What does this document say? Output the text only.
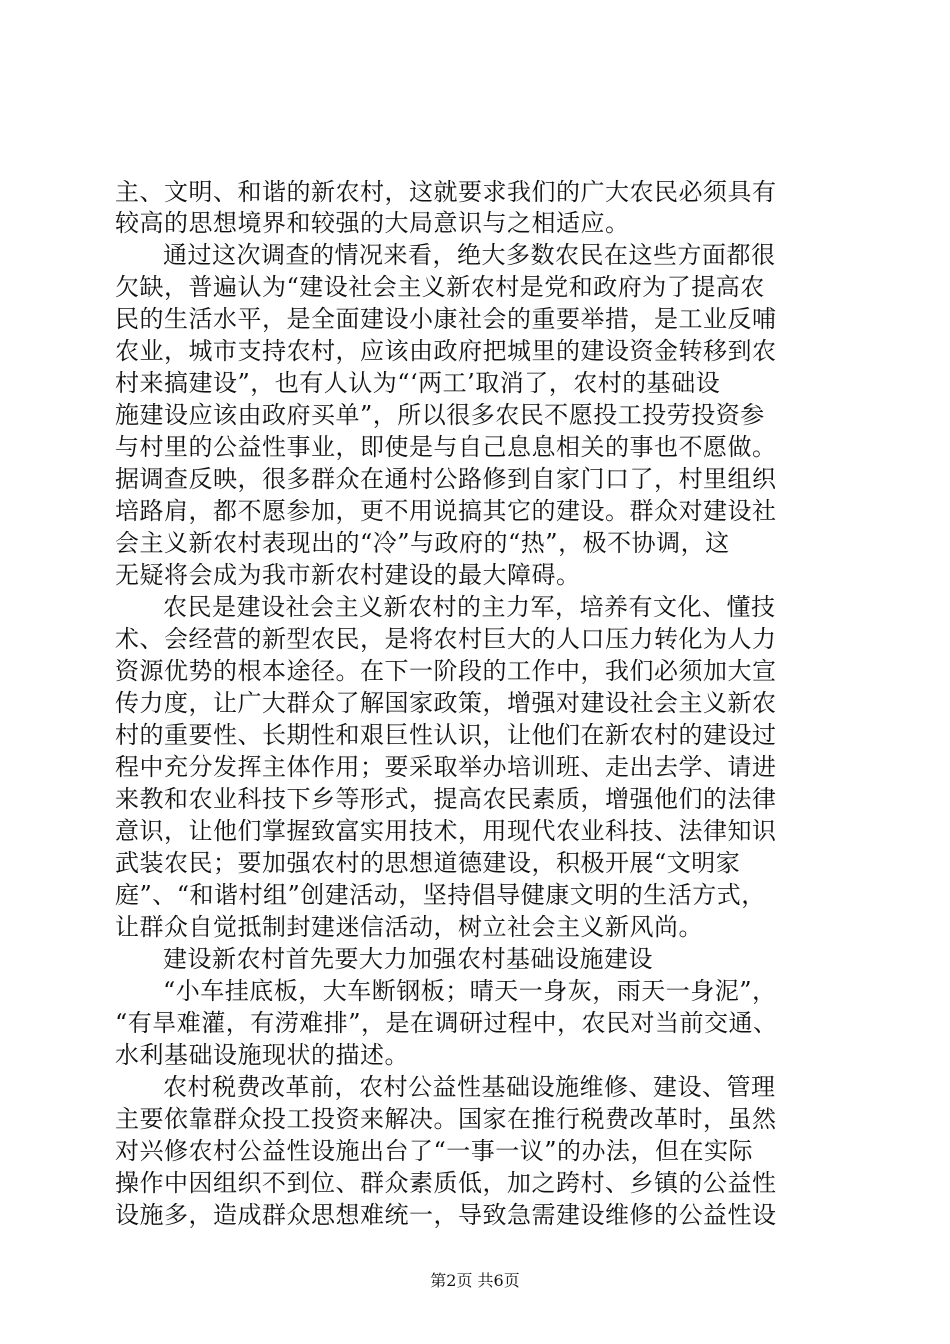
主、文明、和谐的新农村，这就要求我们的广大农民必须具有
较高的思想境界和较强的大局意识与之相适应。
通过这次调查的情况来看，绝大多数农民在这些方面都很
欠缺，普遍认为“建设社会主义新农村是党和政府为了提高农
民的生活水平，是全面建设小康社会的重要举措，是工业反哺
农业，城市支持农村，应该由政府把城里的建设资金转移到农
村来搞建设”，也有人认为“‘两工’取消了，农村的基础设
施建设应该由政府买单”，所以很多农民不愿投工投劳投资参
与村里的公益性事业，即使是与自己息息相关的事也不愿做。
据调查反映，很多群众在通村公路修到自家门口了，村里组织
培路肩，都不愿参加，更不用说搞其它的建设。群众对建设社
会主义新农村表现出的“冷”与政府的“热”，极不协调，这
无疑将会成为我市新农村建设的最大障碍。
农民是建设社会主义新农村的主力军，培养有文化、懂技
术、会经营的新型农民，是将农村巨大的人口压力转化为人力
资源优势的根本途径。在下一阶段的工作中，我们必须加大宣
传力度，让广大群众了解国家政策，增强对建设社会主义新农
村的重要性、长期性和艰巨性认识，让他们在新农村的建设过
程中充分发挥主体作用；要采取举办培训班、走出去学、请进
来教和农业科技下乡等形式，提高农民素质，增强他们的法律
意识，让他们掌握致富实用技术，用现代农业科技、法律知识
武装农民；要加强农村的思想道德建设，积极开展“文明家
庭”、“和谐村组”创建活动，坚持倡导健康文明的生活方式，
让群众自觉抵制封建迷信活动，树立社会主义新风尚。
建设新农村首先要大力加强农村基础设施建设
“小车挂底板，大车断钢板；晴天一身灰，雨天一身泥”，
“有旱难灌，有涝难排”，是在调研过程中，农民对当前交通、
水利基础设施现状的描述。
农村税费改革前，农村公益性基础设施维修、建设、管理
主要依靠群众投工投资来解决。国家在推行税费改革时，虽然
对兴修农村公益性设施出台了“一事一议”的办法，但在实际
操作中因组织不到位、群众素质低，加之跨村、乡镇的公益性
设施多，造成群众思想难统一，导致急需建设维修的公益性设
第2页 共6页
